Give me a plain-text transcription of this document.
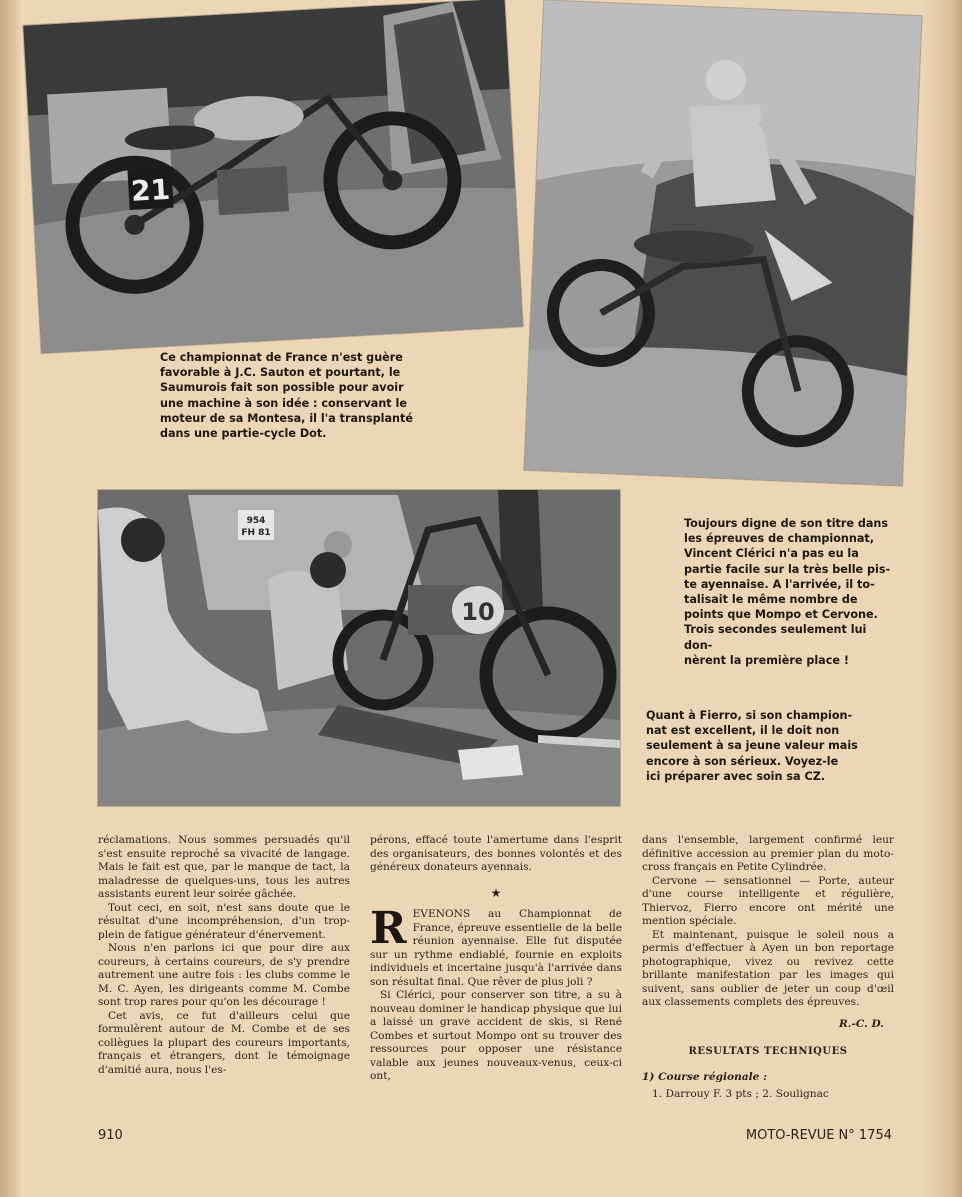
21
954
FH 81
10
Ce championnat de France n'est guère
favorable à J.C. Sauton et pourtant, le
Saumurois fait son possible pour avoir
une machine à son idée : conservant le
moteur de sa Montesa, il l'a transplanté
dans une partie-cycle Dot.
Toujours digne de son titre dans
les épreuves de championnat,
Vincent Clérici n'a pas eu la
partie facile sur la très belle pis-
te ayennaise. A l'arrivée, il to-
talisait le même nombre de
points que Mompo et Cervone.
Trois secondes seulement lui don-
nèrent la première place !
Quant à Fierro, si son champion-
nat est excellent, il le doit non
seulement à sa jeune valeur mais
encore à son sérieux. Voyez-le
ici préparer avec soin sa CZ.

réclamations. Nous sommes persuadés qu'il s'est ensuite reproché sa vivacité de langage. Mais le fait est que, par le manque de tact, la maladresse de quelques-uns, tous les autres assistants eurent leur soirée gâchée.

Tout ceci, en soit, n'est sans doute que le résultat d'une incompréhension, d'un trop-plein de fatigue générateur d'énervement.

Nous n'en parlons ici que pour dire aux coureurs, à certains coureurs, de s'y prendre autrement une autre fois : les clubs comme le M. C. Ayen, les dirigeants comme M. Combe sont trop rares pour qu'on les décourage !

Cet avis, ce fut d'ailleurs celui que formulèrent autour de M. Combe et de ses collègues la plupart des coureurs importants, français et étrangers, dont le témoignage d'amitié aura, nous l'es-

pérons, effacé toute l'amertume dans l'esprit des organisateurs, des bonnes volontés et des généreux donateurs ayennais.

★

REVENONS au Championnat de France, épreuve essentielle de la belle réunion ayennaise. Elle fut disputée sur un rythme endiablé, fournie en exploits individuels et incertaine jusqu'à l'arrivée dans son résultat final. Que rêver de plus joli ?

Si Clérici, pour conserver son titre, a su à nouveau dominer le handicap physique que lui a laissé un grave accident de skis, si René Combes et surtout Mompo ont su trouver des ressources pour opposer une résistance valable aux jeunes nouveaux-venus, ceux-ci ont,

dans l'ensemble, largement confirmé leur définitive accession au premier plan du moto-cross français en Petite Cylindrée.

Cervone — sensationnel — Porte, auteur d'une course intelligente et régulière, Thiervoz, Fierro encore ont mérité une mention spéciale.

Et maintenant, puisque le soleil nous a permis d'effectuer à Ayen un bon reportage photographique, vivez ou revivez cette brillante manifestation par les images qui suivent, sans oublier de jeter un coup d'œil aux classements complets des épreuves.

R.-C. D.
RESULTATS TECHNIQUES
1) Course régionale :
1. Darrouy F. 3 pts ; 2. Soulignac
910	MOTO-REVUE N° 1754
